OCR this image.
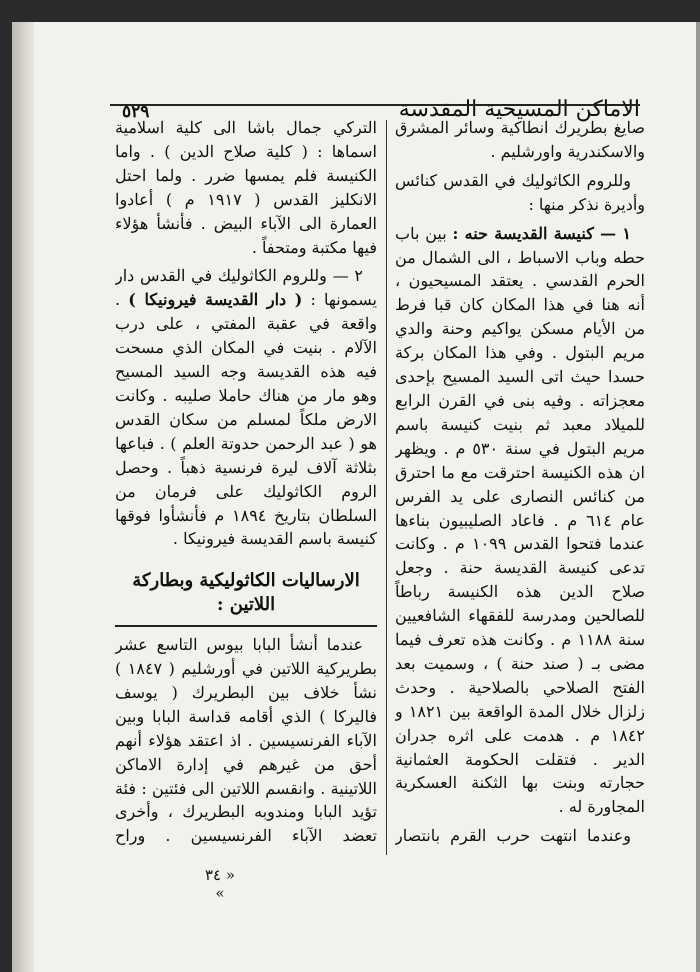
٥٢٩	الاماكن المسيحية المقدسة

صايغ بطريرك انطاكية وسائر المشرق والاسكندرية واورشليم .

وللروم الكاثوليك في القدس كنائس وأديرة نذكر منها :

١ — كنيسة القديسة حنه : بين باب حطه وباب الاسباط ، الى الشمال من الحرم القدسي . يعتقد المسيحيون ، أنه هنا في هذا المكان كان قبا فرط من الأيام مسكن يواكيم وحنة والدي مريم البتول . وفي هذا المكان بركة حسدا حيث اتى السيد المسيح بإحدى معجزاته . وفيه بنى في القرن الرابع للميلاد معبد ثم بنيت كنيسة باسم مريم البتول في سنة ٥٣٠ م . ويظهر ان هذه الكنيسة احترقت مع ما احترق من كنائس النصارى على يد الفرس عام ٦١٤ م . فاعاد الصليبيون بناءها عندما فتحوا القدس ١٠٩٩ م . وكانت تدعى كنيسة القديسة حنة . وجعل صلاح الدين هذه الكنيسة رباطاً للصالحين ومدرسة للفقهاء الشافعيين سنة ١١٨٨ م . وكانت هذه تعرف فيما مضى بـ ( صند حنة ) ، وسميت بعد الفتح الصلاحي بالصلاحية . وحدث زلزال خلال المدة الواقعة بين ١٨٢١ و ١٨٤٢ م . هدمت على اثره جدران الدير . فتقلت الحكومة العثمانية حجارته وبنت بها الثكنة العسكرية المجاورة له .

وعندما انتهت حرب القرم بانتصار

التركي جمال باشا الى كلية اسلامية اسماها : ( كلية صلاح الدين ) . واما الكنيسة فلم يمسها ضرر . ولما احتل الانكليز القدس ( ١٩١٧ م ) أعادوا العمارة الى الآباء البيض . فأنشأ هؤلاء فيها مكتبة ومتحفاً .

٢ — وللروم الكاثوليك في القدس دار يسمونها : ( دار القديسة فيرونيكا ) . واقعة في عقبة المفتي ، على درب الآلام . بنيت في المكان الذي مسحت فيه هذه القديسة وجه السيد المسيح وهو مار من هناك حاملا صليبه . وكانت الارض ملكاً لمسلم من سكان القدس هو ( عبد الرحمن حدوتة العلم ) . فباعها بثلاثة آلاف ليرة فرنسية ذهباً . وحصل الروم الكاثوليك على فرمان من السلطان بتاريخ ١٨٩٤ م فأنشأوا فوقها كنيسة باسم القديسة فيرونيكا .

الارساليات الكاثوليكية وبطاركة اللاتين :

عندما أنشأ البابا بيوس التاسع عشر بطريركية اللاتين في أورشليم ( ١٨٤٧ ) نشأ خلاف بين البطريرك ( يوسف فاليركا ) الذي أقامه قداسة البابا وبين الآباء الفرنسيسين . اذ اعتقد هؤلاء أنهم أحق من غيرهم في إدارة الاماكن اللاتينية . وانقسم اللاتين الى فئتين : فئة تؤيد البابا ومندوبه البطريرك ، وأخرى تعضد الآباء الفرنسيسين . وراح

« ٣٤ »
